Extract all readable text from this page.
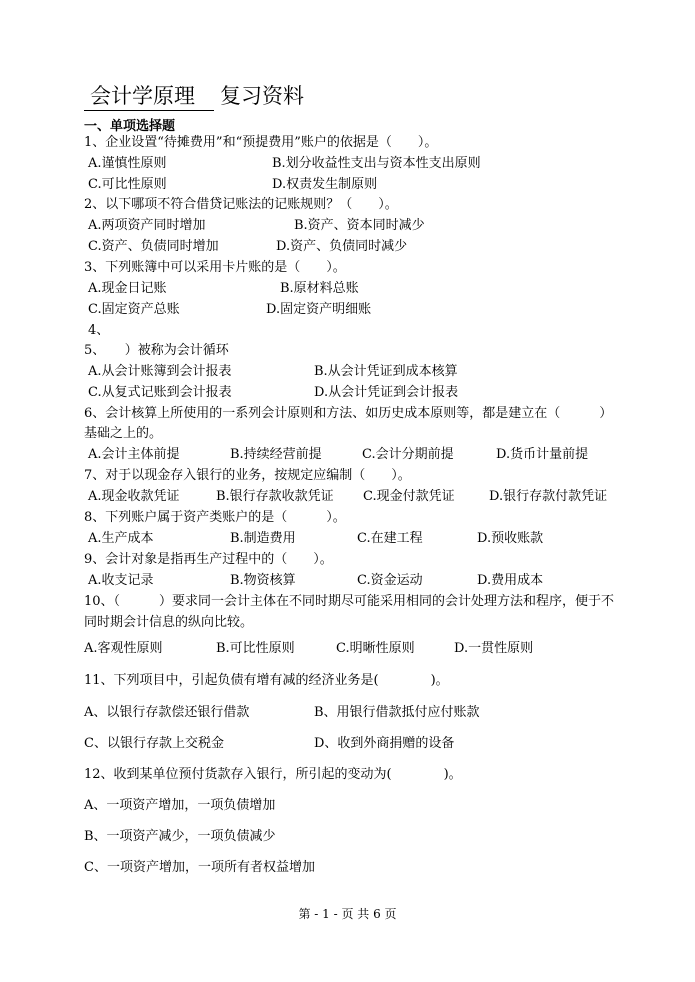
会计学原理 复习资料
一、单项选择题
1、企业设置“待摊费用”和“预提费用”账户的依据是（　　）。
A.谨慎性原则	B.划分收益性支出与资本性支出原则
C.可比性原则	D.权责发生制原则
2、以下哪项不符合借贷记账法的记账规则？（　　）。
A.两项资产同时增加	B.资产、资本同时减少
C.资产、负债同时增加	D.资产、负债同时减少
3、下列账簿中可以采用卡片账的是（　　）。
A.现金日记账	B.原材料总账
C.固定资产总账	D.固定资产明细账
4、
5、　　）被称为会计循环
A.从会计账簿到会计报表	B.从会计凭证到成本核算
C.从复式记账到会计报表	D.从会计凭证到会计报表
6、会计核算上所使用的一系列会计原则和方法、如历史成本原则等，都是建立在（　　　）
基础之上的。
A.会计主体前提	B.持续经营前提	C.会计分期前提	D.货币计量前提
7、对于以现金存入银行的业务，按规定应编制（　　）。
A.现金收款凭证	B.银行存款收款凭证 C.现金付款凭证	D.银行存款付款凭证
8、下列账户属于资产类账户的是（　　　）。
A.生产成本	B.制造费用	C.在建工程	D.预收账款
9、会计对象是指再生产过程中的（　　）。
A.收支记录	B.物资核算	C.资金运动	D.费用成本
10、（　　　）要求同一会计主体在不同时期尽可能采用相同的会计处理方法和程序，便于不
同时期会计信息的纵向比较。
A.客观性原则	B.可比性原则	C.明晰性原则	D.一贯性原则
11、下列项目中，引起负债有增有减的经济业务是(　　　　)。
A、以银行存款偿还银行借款	B、用银行借款抵付应付账款
C、以银行存款上交税金	D、收到外商捐赠的设备
12、收到某单位预付货款存入银行，所引起的变动为(　　　　)。
A、一项资产增加，一项负债增加
B、一项资产减少，一项负债减少
C、一项资产增加，一项所有者权益增加
第 - 1 - 页 共 6 页
